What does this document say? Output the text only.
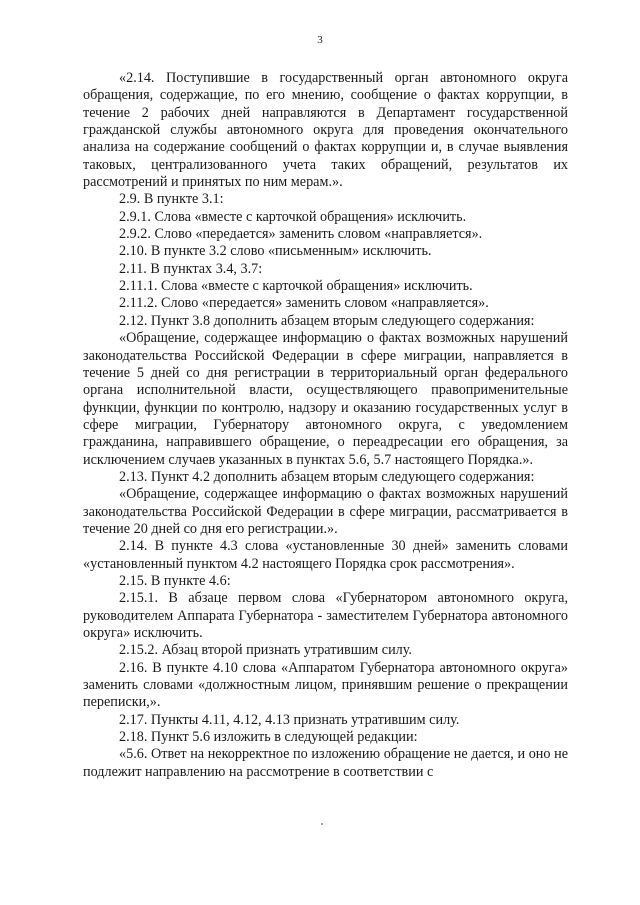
3

«2.14. Поступившие в государственный орган автономного округа обращения, содержащие, по его мнению, сообщение о фактах коррупции, в течение 2 рабочих дней направляются в Департамент государственной гражданской службы автономного округа для проведения окончательного анализа на содержание сообщений о фактах коррупции и, в случае выявления таковых, централизованного учета таких обращений, результатов их рассмотрений и принятых по ним мерам.».

2.9. В пункте 3.1:

2.9.1. Слова «вместе с карточкой обращения» исключить.

2.9.2. Слово «передается» заменить словом «направляется».

2.10. В пункте 3.2 слово «письменным» исключить.

2.11. В пунктах 3.4, 3.7:

2.11.1. Слова «вместе с карточкой обращения» исключить.

2.11.2. Слово «передается» заменить словом «направляется».

2.12. Пункт 3.8 дополнить абзацем вторым следующего содержания:

«Обращение, содержащее информацию о фактах возможных нарушений законодательства Российской Федерации в сфере миграции, направляется в течение 5 дней со дня регистрации в территориальный орган федерального органа исполнительной власти, осуществляющего правоприменительные функции, функции по контролю, надзору и оказанию государственных услуг в сфере миграции, Губернатору автономного округа, с уведомлением гражданина, направившего обращение, о переадресации его обращения, за исключением случаев указанных в пунктах 5.6, 5.7 настоящего Порядка.».

2.13. Пункт 4.2 дополнить абзацем вторым следующего содержания:

«Обращение, содержащее информацию о фактах возможных нарушений законодательства Российской Федерации в сфере миграции, рассматривается в течение 20 дней со дня его регистрации.».

2.14. В пункте 4.3 слова «установленные 30 дней» заменить словами «установленный пунктом 4.2 настоящего Порядка срок рассмотрения».

2.15. В пункте 4.6:

2.15.1. В абзаце первом слова «Губернатором автономного округа, руководителем Аппарата Губернатора - заместителем Губернатора автономного округа» исключить.

2.15.2. Абзац второй признать утратившим силу.

2.16. В пункте 4.10 слова «Аппаратом Губернатора автономного округа» заменить словами «должностным лицом, принявшим решение о прекращении переписки,».

2.17. Пункты 4.11, 4.12, 4.13 признать утратившим силу.

2.18. Пункт 5.6 изложить в следующей редакции:

«5.6. Ответ на некорректное по изложению обращение не дается, и оно не подлежит направлению на рассмотрение в соответствии с
